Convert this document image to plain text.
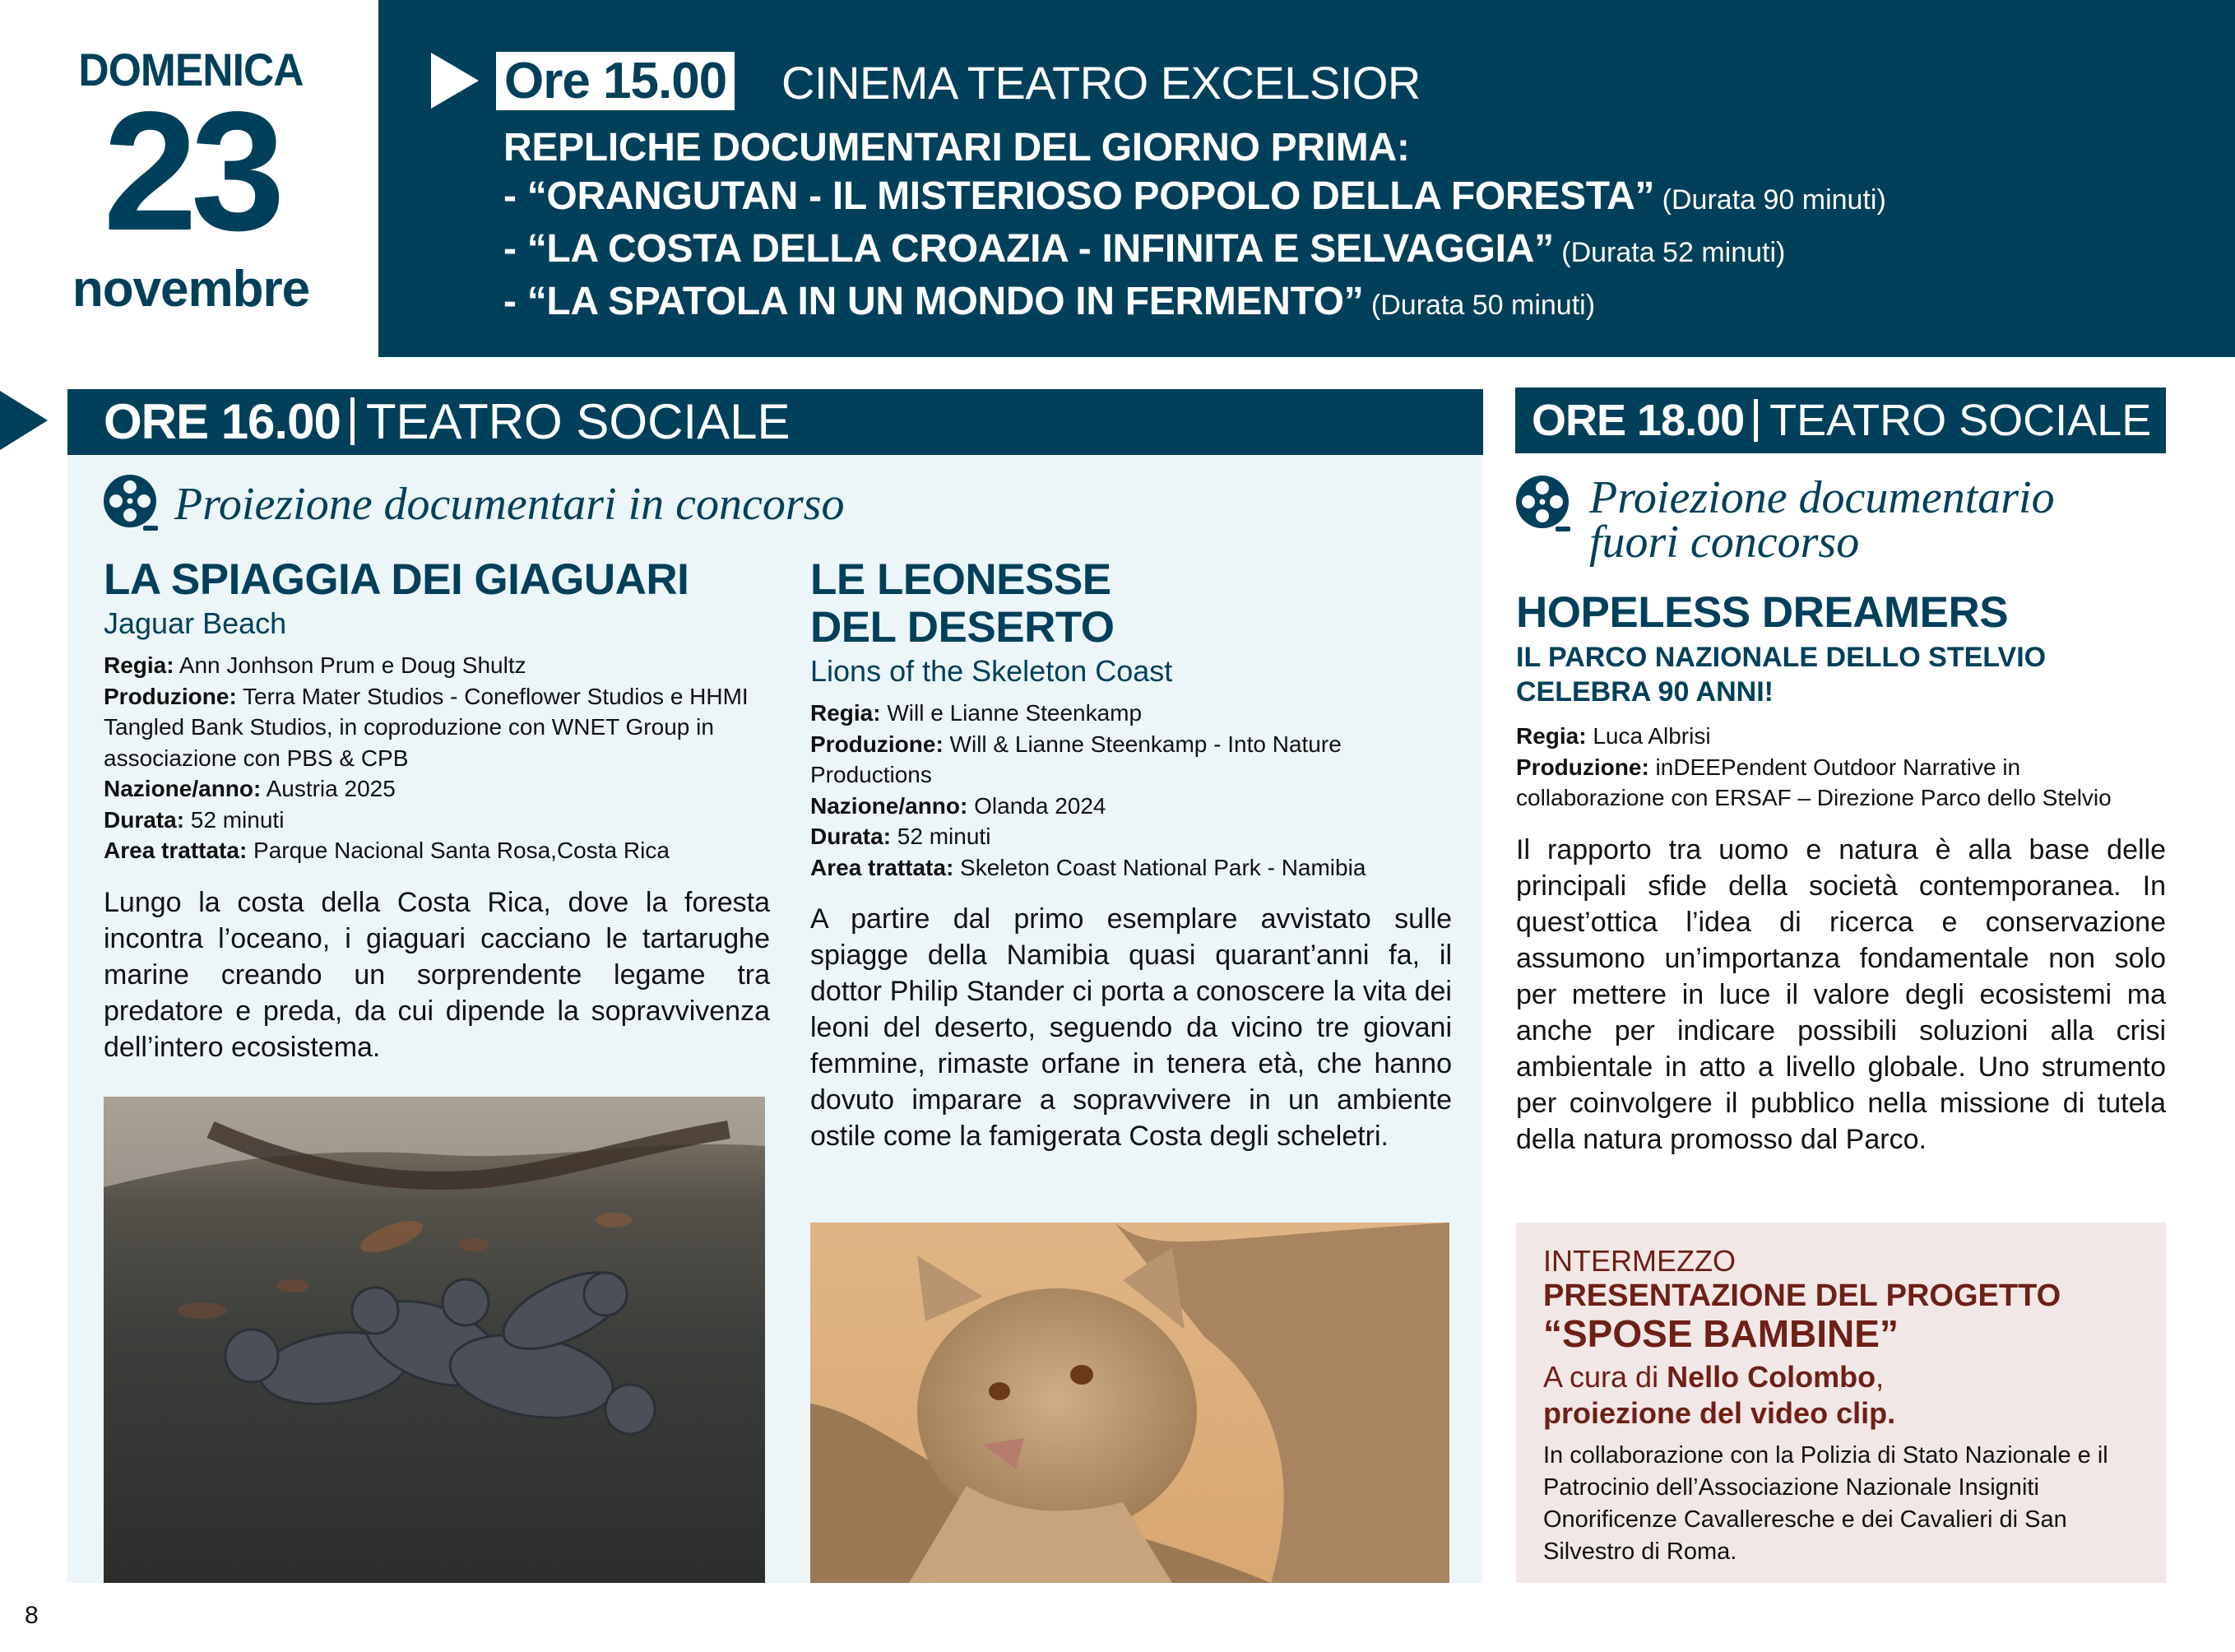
DOMENICA
23
novembre
Ore 15.00 CINEMA TEATRO EXCELSIOR
REPLICHE DOCUMENTARI DEL GIORNO PRIMA:
- “ORANGUTAN - IL MISTERIOSO POPOLO DELLA FORESTA” (Durata 90 minuti)
- “LA COSTA DELLA CROAZIA - INFINITA E SELVAGGIA” (Durata 52 minuti)
- “LA SPATOLA IN UN MONDO IN FERMENTO” (Durata 50 minuti)
ORE 16.00 TEATRO SOCIALE
Proiezione documentari in concorso
LA SPIAGGIA DEI GIAGUARI
Jaguar Beach
Regia: Ann Jonhson Prum e Doug Shultz
Produzione: Terra Mater Studios - Coneflower Studios e HHMI Tangled Bank Studios, in coproduzione con WNET Group in associazione con PBS & CPB
Nazione/anno: Austria 2025
Durata: 52 minuti
Area trattata: Parque Nacional Santa Rosa,Costa Rica
Lungo la costa della Costa Rica, dove la foresta incontra l’oceano, i giaguari cacciano le tartarughe marine creando un sorprendente legame tra predatore e preda, da cui dipende la sopravvivenza dell’intero ecosistema.
LE LEONESSE
DEL DESERTO
Lions of the Skeleton Coast
Regia: Will e Lianne Steenkamp
Produzione: Will & Lianne Steenkamp - Into Nature Productions
Nazione/anno: Olanda 2024
Durata: 52 minuti
Area trattata: Skeleton Coast National Park - Namibia
A partire dal primo esemplare avvistato sulle spiagge della Namibia quasi quarant’anni fa, il dottor Philip Stander ci porta a conoscere la vita dei leoni del deserto, seguendo da vicino tre giovani femmine, rimaste orfane in tenera età, che hanno dovuto imparare a sopravvivere in un ambiente ostile come la famigerata Costa degli scheletri.
ORE 18.00 TEATRO SOCIALE
Proiezione documentario
fuori concorso
HOPELESS DREAMERS
IL PARCO NAZIONALE DELLO STELVIO
CELEBRA 90 ANNI!
Regia: Luca Albrisi
Produzione: inDEEPendent Outdoor Narrative in collaborazione con ERSAF – Direzione Parco dello Stelvio
Il rapporto tra uomo e natura è alla base delle principali sfide della società contemporanea. In quest’ottica l’idea di ricerca e conservazione assumono un’importanza fondamentale non solo per mettere in luce il valore degli ecosistemi ma anche per indicare possibili soluzioni alla crisi ambientale in atto a livello globale. Uno strumento per coinvolgere il pubblico nella missione di tutela della natura promosso dal Parco.
INTERMEZZO
PRESENTAZIONE DEL PROGETTO
“SPOSE BAMBINE”
A cura di Nello Colombo,
proiezione del video clip.
In collaborazione con la Polizia di Stato Nazionale e il Patrocinio dell’Associazione Nazionale Insigniti Onorificenze Cavalleresche e dei Cavalieri di San Silvestro di Roma.
8
